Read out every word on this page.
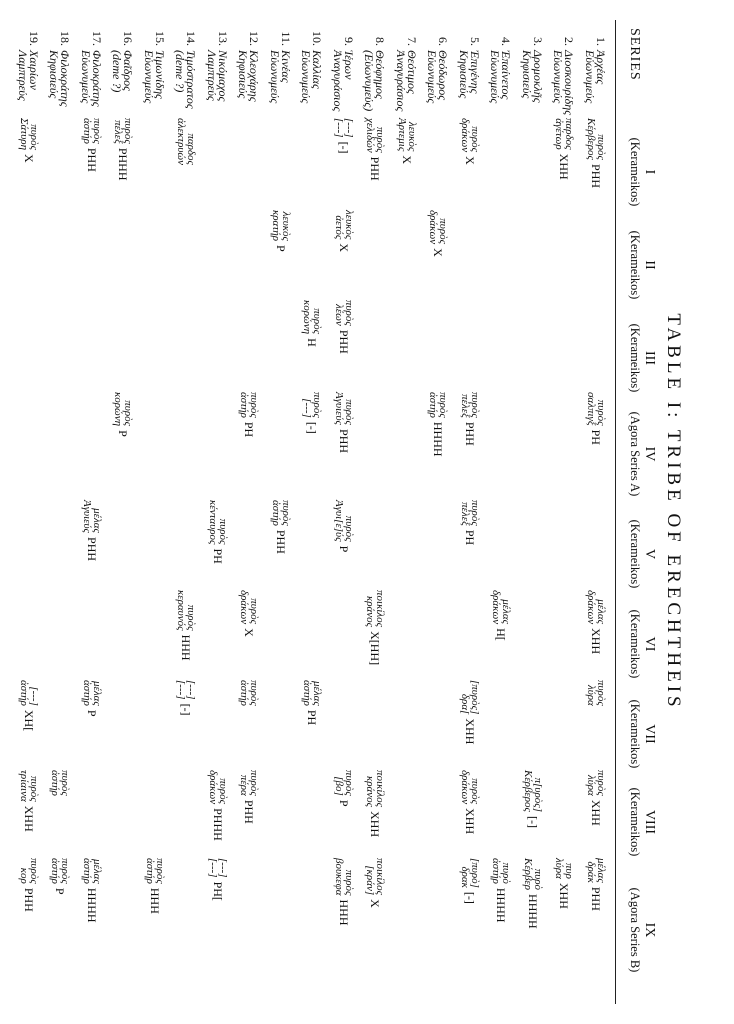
TABLE I: TRIBE OF ERECHTHEIS
SERIES
I
(Kerameikos)
II
(Kerameikos)
III
(Kerameikos)
IV
(Agora Series A)
V
(Kerameikos)
VI
(Kerameikos)
VII
(Kerameikos)
VIII
(Kerameikos)
IX
(Agora Series B)
1.Ἀρχέας
Εὐωνυμεύς
2.Διοσκουρίδης
Εὐωνυμεύς
3.Δρομοκλῆς
Κηφισιεύς
4.Ἐπαίνετος
Εὐωνυμεύς
5.Ἐπιγένης
Κηφισιεύς
6.Θεόδωρος
Εὐωνυμεύς
7.Θεότιμος
Ἀναγυράσιος
8.Θεόφημος
(Εὐωνυμεύς)
9.Ἱέρων
Ἀναγυράσιος
10.Καλλίας
Εὐωνυμεύς
11.Κινέας
Εὐωνυμεύς
12.Κλεοχάρης
Κηφισιεύς
13.Νικόμαχος
Λαμπτρεύς
14.Τιμόστρατος
(deme ?)
15.Τιμωνίδης
Εὐωνυμεύς
16.Φαῖδρος
(deme ?)
17.Φιλοκράτης
Εὐωνυμεύς
18.Φιλοκράτης
Κηφισιεύς
19.Χαιρίων
Λαμπτρεύς
πυρὸς
Κέρβερος
ΡΗΗ
παρδος
ἀγέτωρ
ΧΗΗ
πυρὸς
δράκων
Χ
λευκὸς
Ἀρτεμις
Χ
πυρὸς
χελιδών
ΡΗΗ
[---]
[---]
[-]
παρδος
ἀλεκτρυών
πυρὸς
πέλεξ
ΡΗΗΗ
πυρὸς
ἀστήρ
ΡΗΗ
πυρὸς
Σάτυρη
Χ
πυρὸς
δράκων
Χ
λευκὸς
ἀετός
Χ
λευκὸς
κρατήρ
Ρ
πυρὸς
λέων
ΡΗΗ
πυρὸς
κορώνη
Η
πυρὸς
σαλπιγξ
ΡΗ
πυρὸς
πέλεξ
ΡΗΗ
πυρὸς
ἀστήρ
ΗΗΗΗ
πυρὸς
Ἀγυιεύς
ΡΗΗ
πυρὸς
[---]
[-]
πυρὸς
ἀστήρ
ΡΗ
πυρὸς
κορώνη
Ρ
πυρὸς
πέλεξ
ΡΗ
πυρὸς
Ἀγυι[ε]ύς
Ρ
πυρὸς
ἀστήρ
ΡΗΗ
πυρὸς
κένταυρος
ΡΗ
μέλας
Ἀγυιεύς
ΡΗΗ
μέλας
δράκων
ΧΗΗ
μέλας
δράκων
Η[
ποικίλος
κράνος
Χ[ΗΗ]
πυρὸς
δράκων
Χ
πυρὸς
κεραυνός
ΗΗΗ
πυρὸς
λύρα
[πυρὸς]
δρα[
ΧΗΗ
μέλας
ἀστήρ
ΡΗ
πυρὸς
ἀστήρ
[---]
[---]
[-]
μέλας
ἀστήρ
Ρ
[---]
ἀστήρ
ΧΗ[
πυρὸς
λύρα
ΧΗΗ
π[υρὸς]
Κέρβερος
[-]
πυρὸς
δράκων
ΧΗΗ
ποικίλος
κράνος
ΧΗΗ
πυρὸς
[βο]
Ρ
πυρὸς
πέρα
ΡΗΗ
πυρὸς
δράκων
ΡΗΗΗ
πυρὸς
ἀστήρ
πυρὸς
τρίαινα
ΧΗΗ
μέλας
δράκ
ΡΗΗ
πυρ
λύρα
ΧΗΗ
πυρὸ
Κέρβερ
ΗΗΗΗ
πυρὸ
ἀστήρ
ΗΗΗΗ
[πυρὸ]
δρακ
[-]
ποικίλος
[κράν]
Χ
πυρὸς
βουκεφα
ΗΗΗ
[---]
[---]
ΡΗ[
πυρὸς
ἀστήρ
ΗΗΗ
μέλας
ἀστήρ
ΗΗΗΗ
πυρὸς
ἀστήρ
Ρ
πυρὸς
κορ
ΡΗΗ
